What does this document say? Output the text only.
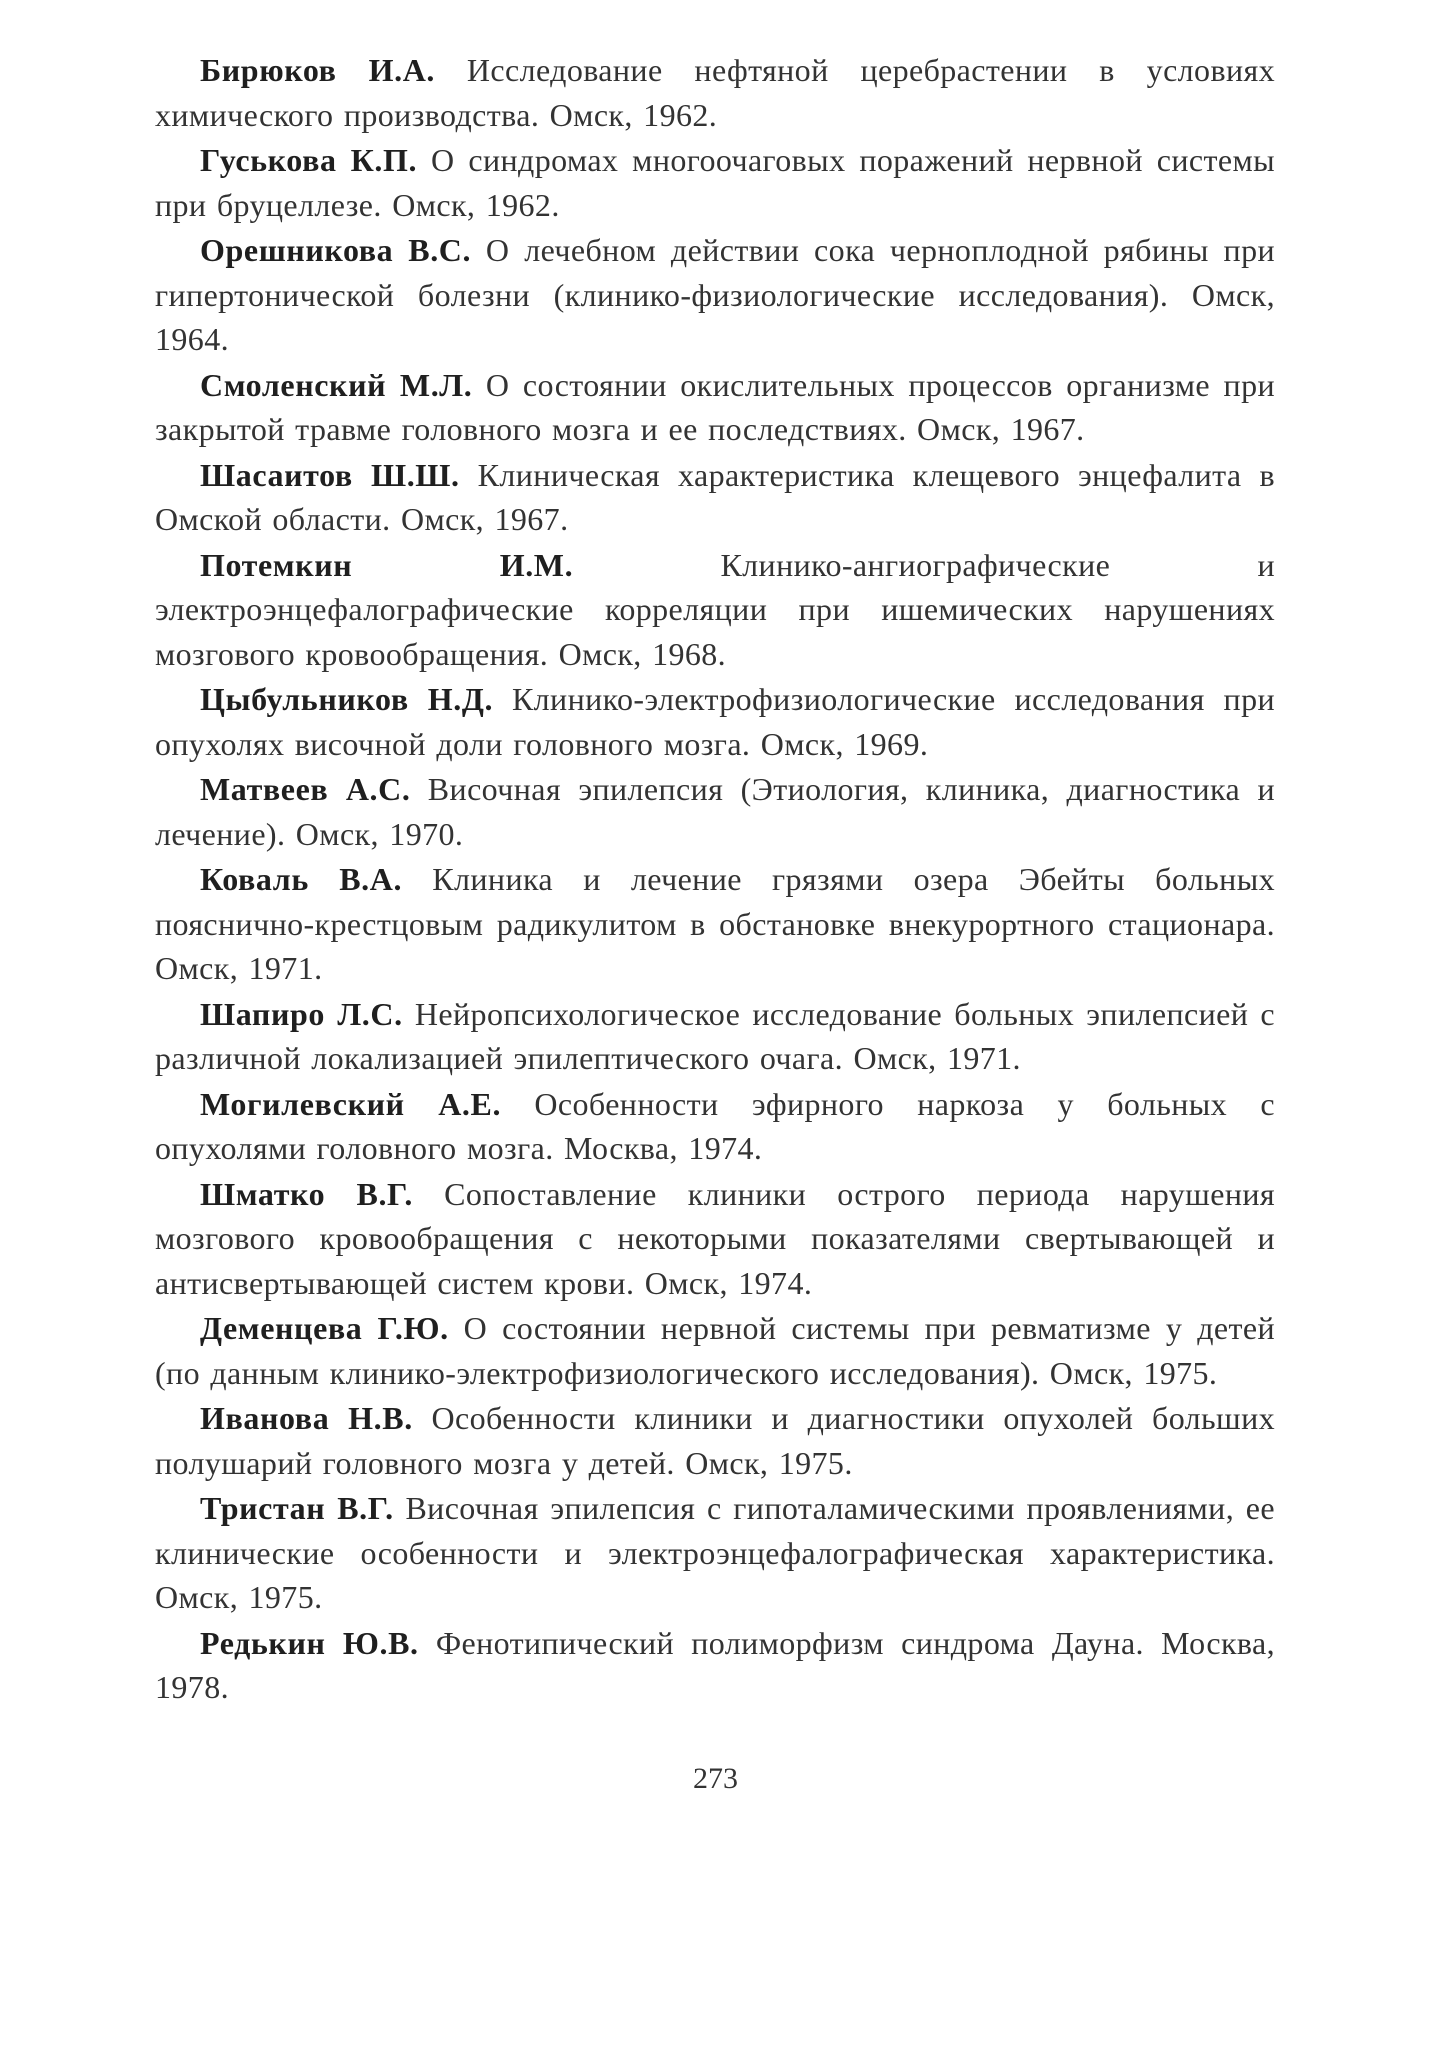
Бирюков И.А. Исследование нефтяной церебрастении в условиях химического производства. Омск, 1962.

Гуськова К.П. О синдромах многоочаговых поражений нервной системы при бруцеллезе. Омск, 1962.

Орешникова В.С. О лечебном действии сока черноплодной рябины при гипертонической болезни (клинико-физиологические исследования). Омск, 1964.

Смоленский М.Л. О состоянии окислительных процессов организме при закрытой травме головного мозга и ее последствиях. Омск, 1967.

Шасаитов Ш.Ш. Клиническая характеристика клещевого энцефалита в Омской области. Омск, 1967.

Потемкин И.М.	Клинико-ангиографические и электроэнцефалографические корреляции при ишемических нарушениях мозгового кровообращения. Омск, 1968.

Цыбульников Н.Д. Клинико-электрофизиологические исследования при опухолях височной доли головного мозга. Омск, 1969.

Матвеев А.С. Височная эпилепсия (Этиология, клиника, диагностика и лечение). Омск, 1970.

Коваль В.А. Клиника и лечение грязями озера Эбейты больных пояснично-крестцовым радикулитом в обстановке внекурортного стационара. Омск, 1971.

Шапиро Л.С. Нейропсихологическое исследование больных эпилепсией с различной локализацией эпилептического очага. Омск, 1971.

Могилевский А.Е. Особенности эфирного наркоза у больных с опухолями головного мозга. Москва, 1974.

Шматко В.Г. Сопоставление клиники острого периода нарушения мозгового кровообращения с некоторыми показателями свертывающей и антисвертывающей систем крови. Омск, 1974.

Деменцева Г.Ю. О состоянии нервной системы при ревматизме у детей (по данным клинико-электрофизиологического исследования). Омск, 1975.

Иванова Н.В. Особенности клиники и диагностики опухолей больших полушарий головного мозга у детей. Омск, 1975.

Тристан В.Г. Височная эпилепсия с гипоталамическими проявлениями, ее клинические особенности и электроэнцефалографическая характеристика. Омск, 1975.

Редькин Ю.В. Фенотипический полиморфизм синдрома Дауна. Москва, 1978.

273
